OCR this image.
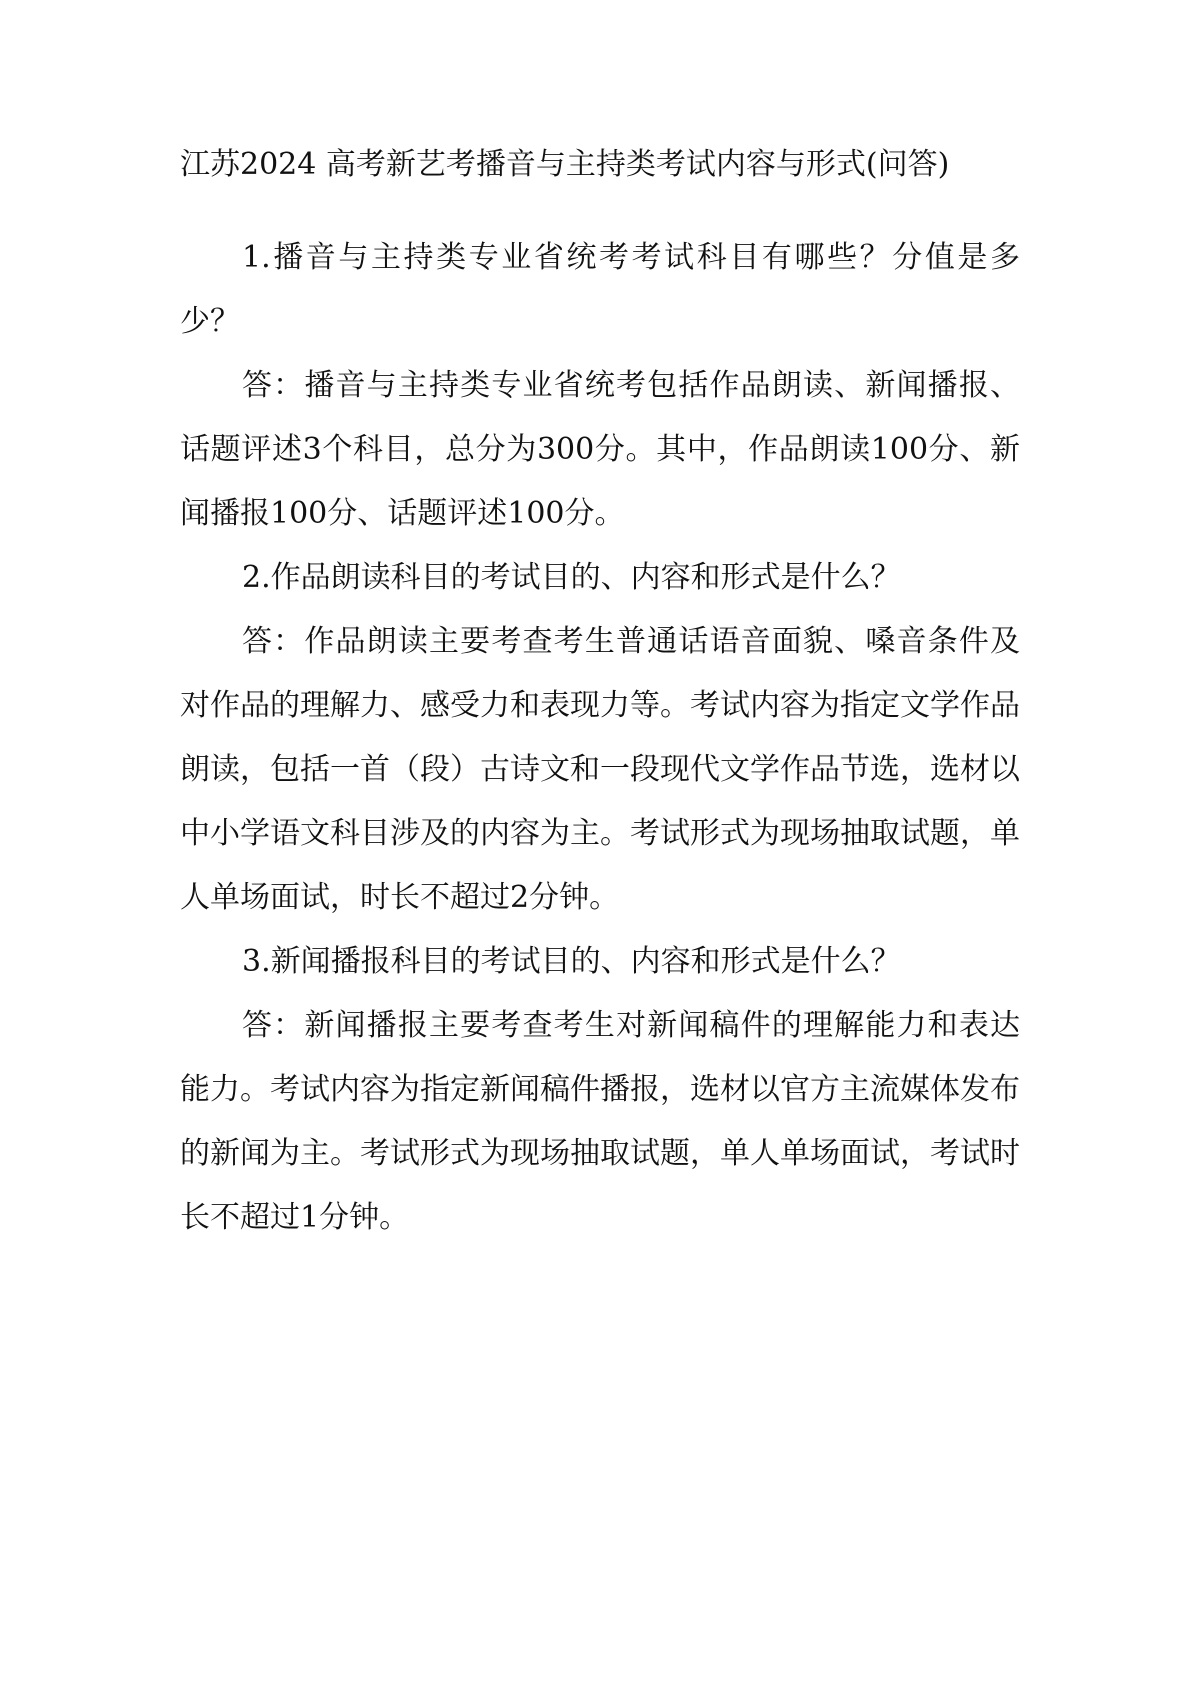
江苏2024 高考新艺考播音与主持类考试内容与形式(问答)

1.播音与主持类专业省统考考试科目有哪些？分值是多少？

答：播音与主持类专业省统考包括作品朗读、新闻播报、话题评述3个科目，总分为300分。其中，作品朗读100分、新闻播报100分、话题评述100分。

2.作品朗读科目的考试目的、内容和形式是什么？

答：作品朗读主要考查考生普通话语音面貌、嗓音条件及对作品的理解力、感受力和表现力等。考试内容为指定文学作品朗读，包括一首（段）古诗文和一段现代文学作品节选，选材以中小学语文科目涉及的内容为主。考试形式为现场抽取试题，单人单场面试，时长不超过2分钟。

3.新闻播报科目的考试目的、内容和形式是什么？

答：新闻播报主要考查考生对新闻稿件的理解能力和表达能力。考试内容为指定新闻稿件播报，选材以官方主流媒体发布的新闻为主。考试形式为现场抽取试题，单人单场面试，考试时长不超过1分钟。
